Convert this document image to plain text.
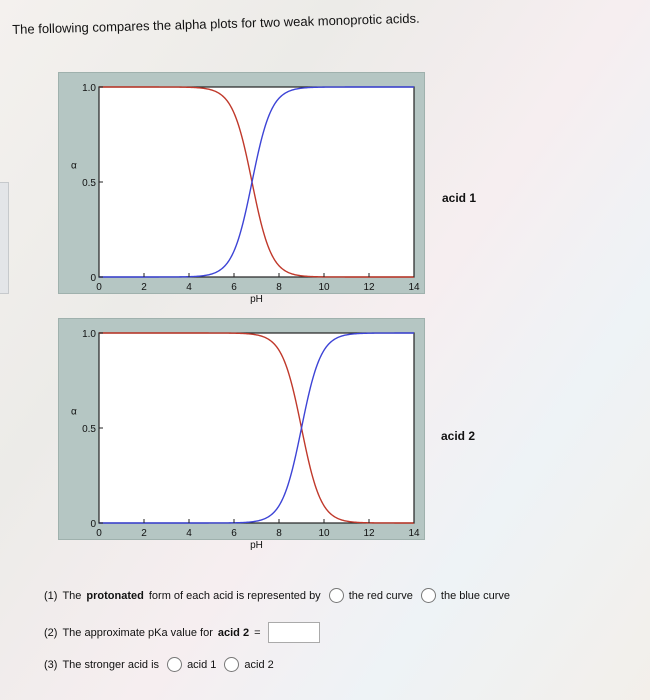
The following compares the alpha plots for two weak monoprotic acids.
0	2	4	6	8	10	12	14
0
0.5
1.0
α
pH
acid 1
0	2	4	6	8	10	12	14
0
0.5
1.0
α
pH
acid 2
(1) The protonated form of each acid is represented by	the red curve	the blue curve
(2) The approximate pKa value for acid 2 =
(3) The stronger acid is	acid 1	acid 2
